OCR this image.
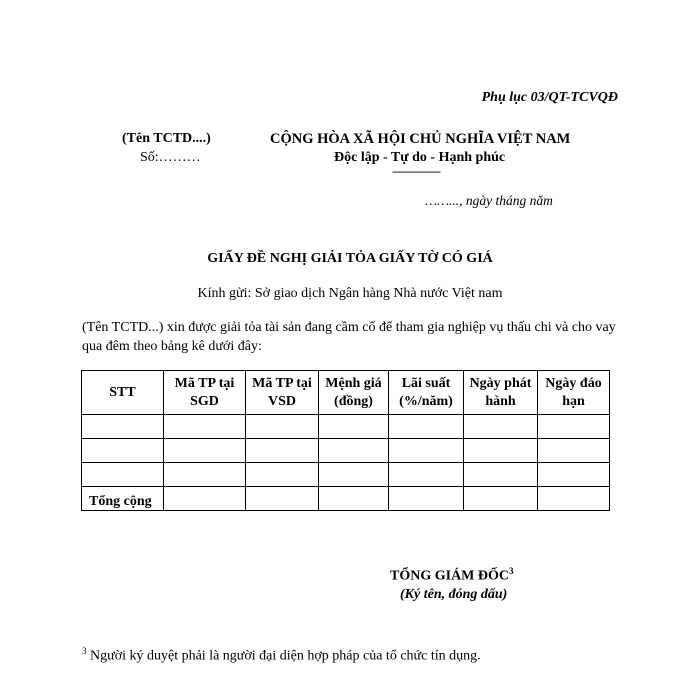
Phụ lục 03/QT-TCVQĐ
(Tên TCTD....)
Số:………
CỘNG HÒA XÃ HỘI CHỦ NGHĨA VIỆT NAM
Độc lập - Tự do - Hạnh phúc
----------------
……..., ngày tháng năm
GIẤY ĐỀ NGHỊ GIẢI TỎA GIẤY TỜ CÓ GIÁ
Kính gửi: Sở giao dịch Ngân hàng Nhà nước Việt nam
(Tên TCTD...) xin được giải tỏa tài sản đang cầm cố để tham gia nghiệp vụ thấu chi và cho vay qua đêm theo bảng kê dưới đây:
STT	Mã TP tại SGD	Mã TP tại VSD	Mệnh giá (đồng)	Lãi suất (%/năm)	Ngày phát hành	Ngày đáo hạn

Tổng cộng						
TỔNG GIÁM ĐỐC$^3$
(Ký tên, đóng dấu)
$^3$ Người ký duyệt phải là người đại diện hợp pháp của tổ chức tín dụng.
